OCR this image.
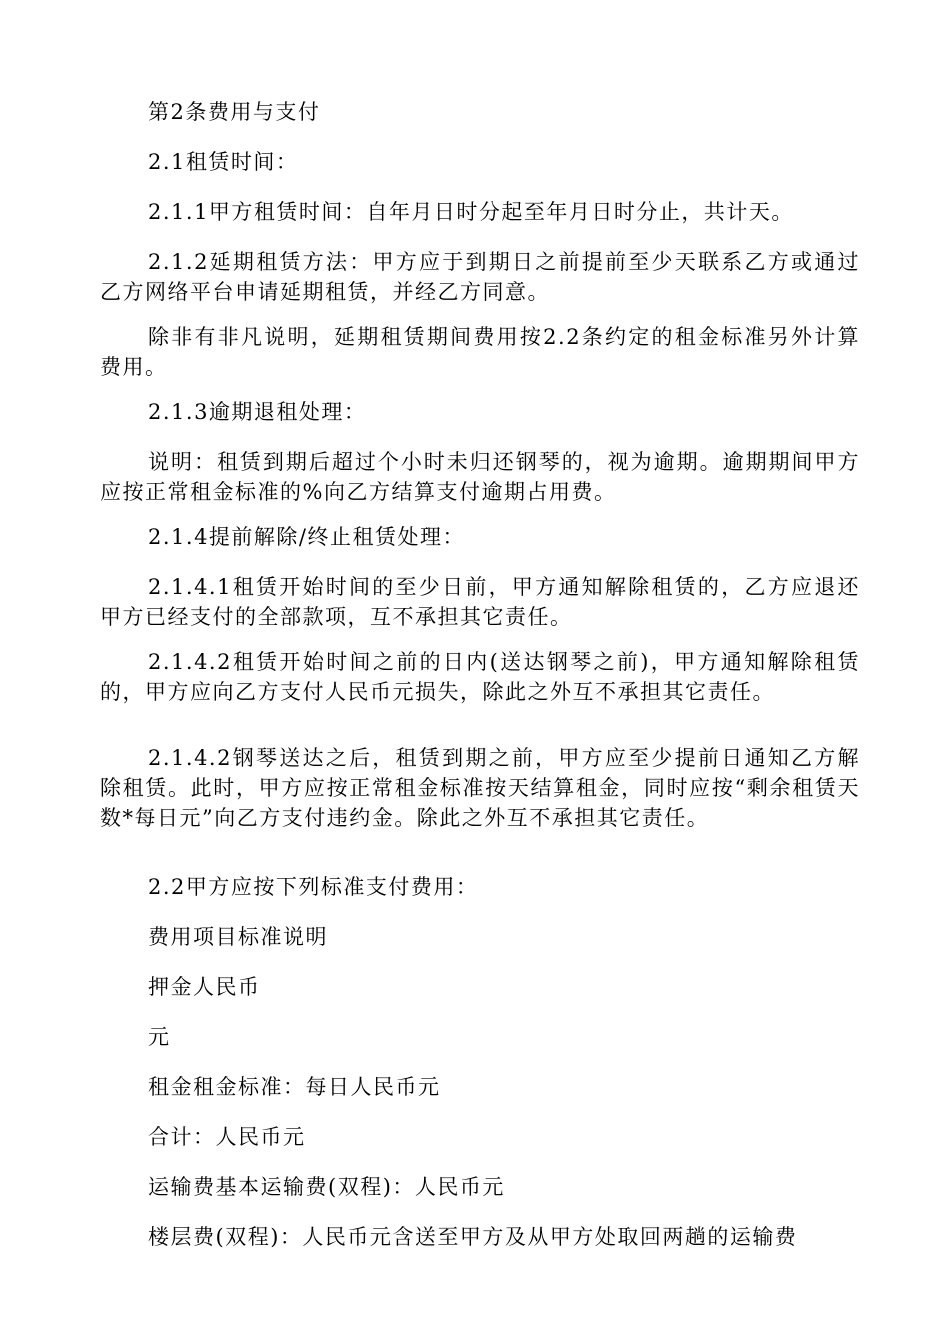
第2条费用与支付

2.1租赁时间：

2.1.1甲方租赁时间：自年月日时分起至年月日时分止，共计天。

2.1.2延期租赁方法：甲方应于到期日之前提前至少天联系乙方或通过乙方网络平台申请延期租赁，并经乙方同意。

除非有非凡说明，延期租赁期间费用按2.2条约定的租金标准另外计算费用。

2.1.3逾期退租处理：

说明：租赁到期后超过个小时未归还钢琴的，视为逾期。逾期期间甲方应按正常租金标准的%向乙方结算支付逾期占用费。

2.1.4提前解除/终止租赁处理：

2.1.4.1租赁开始时间的至少日前，甲方通知解除租赁的，乙方应退还甲方已经支付的全部款项，互不承担其它责任。

2.1.4.2租赁开始时间之前的日内(送达钢琴之前)，甲方通知解除租赁的，甲方应向乙方支付人民币元损失，除此之外互不承担其它责任。

2.1.4.2钢琴送达之后，租赁到期之前，甲方应至少提前日通知乙方解除租赁。此时，甲方应按正常租金标准按天结算租金，同时应按“剩余租赁天数*每日元”向乙方支付违约金。除此之外互不承担其它责任。

2.2甲方应按下列标准支付费用：

费用项目标准说明

押金人民币

元

租金租金标准：每日人民币元

合计：人民币元

运输费基本运输费(双程)：人民币元

楼层费(双程)：人民币元含送至甲方及从甲方处取回两趟的运输费
